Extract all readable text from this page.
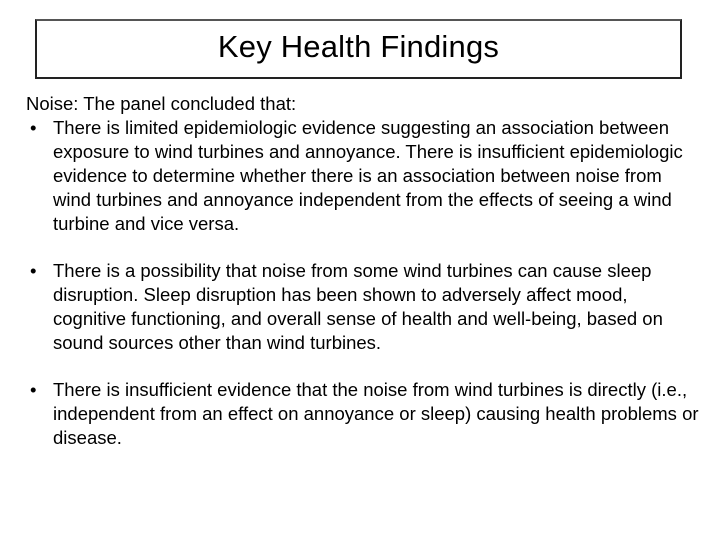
Key Health Findings

Noise: The panel concluded that:

• There is limited epidemiologic evidence suggesting an association between exposure to wind turbines and annoyance. There is insufficient epidemiologic evidence to determine whether there is an association between noise from wind turbines and annoyance independent from the effects of seeing a wind turbine and vice versa.
• There is a possibility that noise from some wind turbines can cause sleep disruption. Sleep disruption has been shown to adversely affect mood, cognitive functioning, and overall sense of health and well-being, based on sound sources other than wind turbines.
• There is insufficient evidence that the noise from wind turbines is directly (i.e., independent from an effect on annoyance or sleep) causing health problems or disease.
